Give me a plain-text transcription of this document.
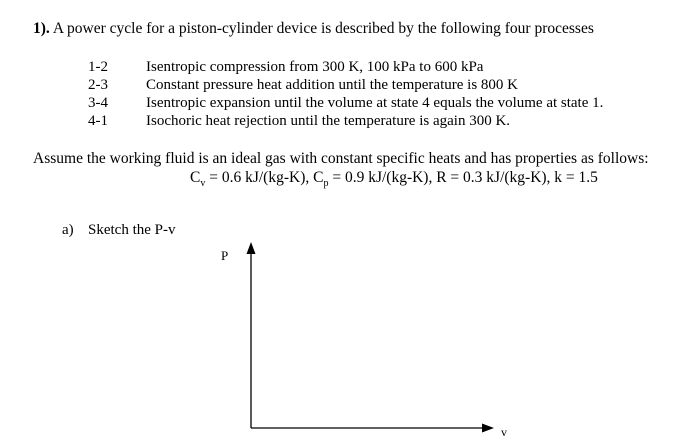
1). A power cycle for a piston-cylinder device is described by the following four processes
1-2	Isentropic compression from 300 K, 100 kPa to 600 kPa
2-3	Constant pressure heat addition until the temperature is 800 K
3-4	Isentropic expansion until the volume at state 4 equals the volume at state 1.
4-1	Isochoric heat rejection until the temperature is again 300 K.
Assume the working fluid is an ideal gas with constant specific heats and has properties as follows:
$C_v = 0.6$ kJ/(kg-K), $C_p = 0.9$ kJ/(kg-K), R = 0.3 kJ/(kg-K), k = 1.5
a) Sketch the P-v
P
v
